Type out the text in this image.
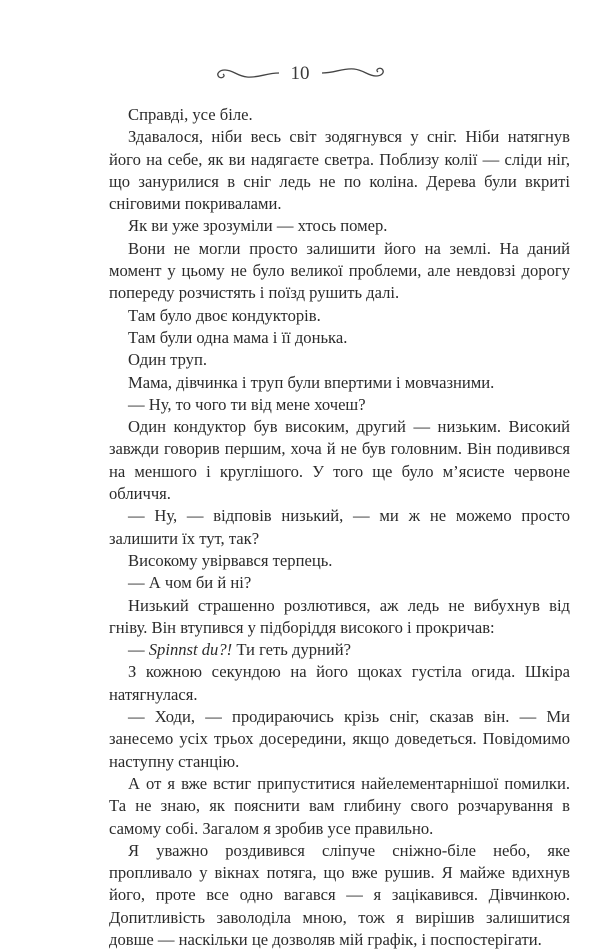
10

Справді, усе біле.

Здавалося, ніби весь світ зодягнувся у сніг. Ніби натягнув його на себе, як ви надягаєте светра. Поблизу колії — сліди ніг, що занурилися в сніг ледь не по коліна. Дерева були вкриті сніговими покривалами.

Як ви уже зрозуміли — хтось помер.

Вони не могли просто залишити його на землі. На даний момент у цьому не було великої проблеми, але невдовзі дорогу попереду розчистять і поїзд рушить далі.

Там було двоє кондукторів.

Там були одна мама і її донька.

Один труп.

Мама, дівчинка і труп були впертими і мовчазними.

— Ну, то чого ти від мене хочеш?

Один кондуктор був високим, другий — низьким. Високий завжди говорив першим, хоча й не був головним. Він подивився на меншого і круглішого. У того ще було м’ясисте червоне обличчя.

— Ну, — відповів низький, — ми ж не можемо просто залишити їх тут, так?

Високому увірвався терпець.

— А чом би й ні?

Низький страшенно розлютився, аж ледь не вибухнув від гніву. Він втупився у підборіддя високого і прокричав:

— Spinnst du?! Ти геть дурний?

З кожною секундою на його щоках густіла огида. Шкіра натягнулася.

— Ходи, — продираючись крізь сніг, сказав він. — Ми занесемо усіх трьох досередини, якщо доведеться. Повідомимо наступну станцію.

А от я вже встиг припуститися найелементарнішої помилки. Та не знаю, як пояснити вам глибину свого розчарування в самому собі. Загалом я зробив усе правильно.

Я уважно роздивився сліпуче сніжно-біле небо, яке пропливало у вікнах потяга, що вже рушив. Я майже вдихнув його, проте все одно вагався — я зацікавився. Дівчинкою. Допитливість заволоділа мною, тож я вирішив залишитися довше — наскільки це дозволяв мій графік, і поспостерігати.
